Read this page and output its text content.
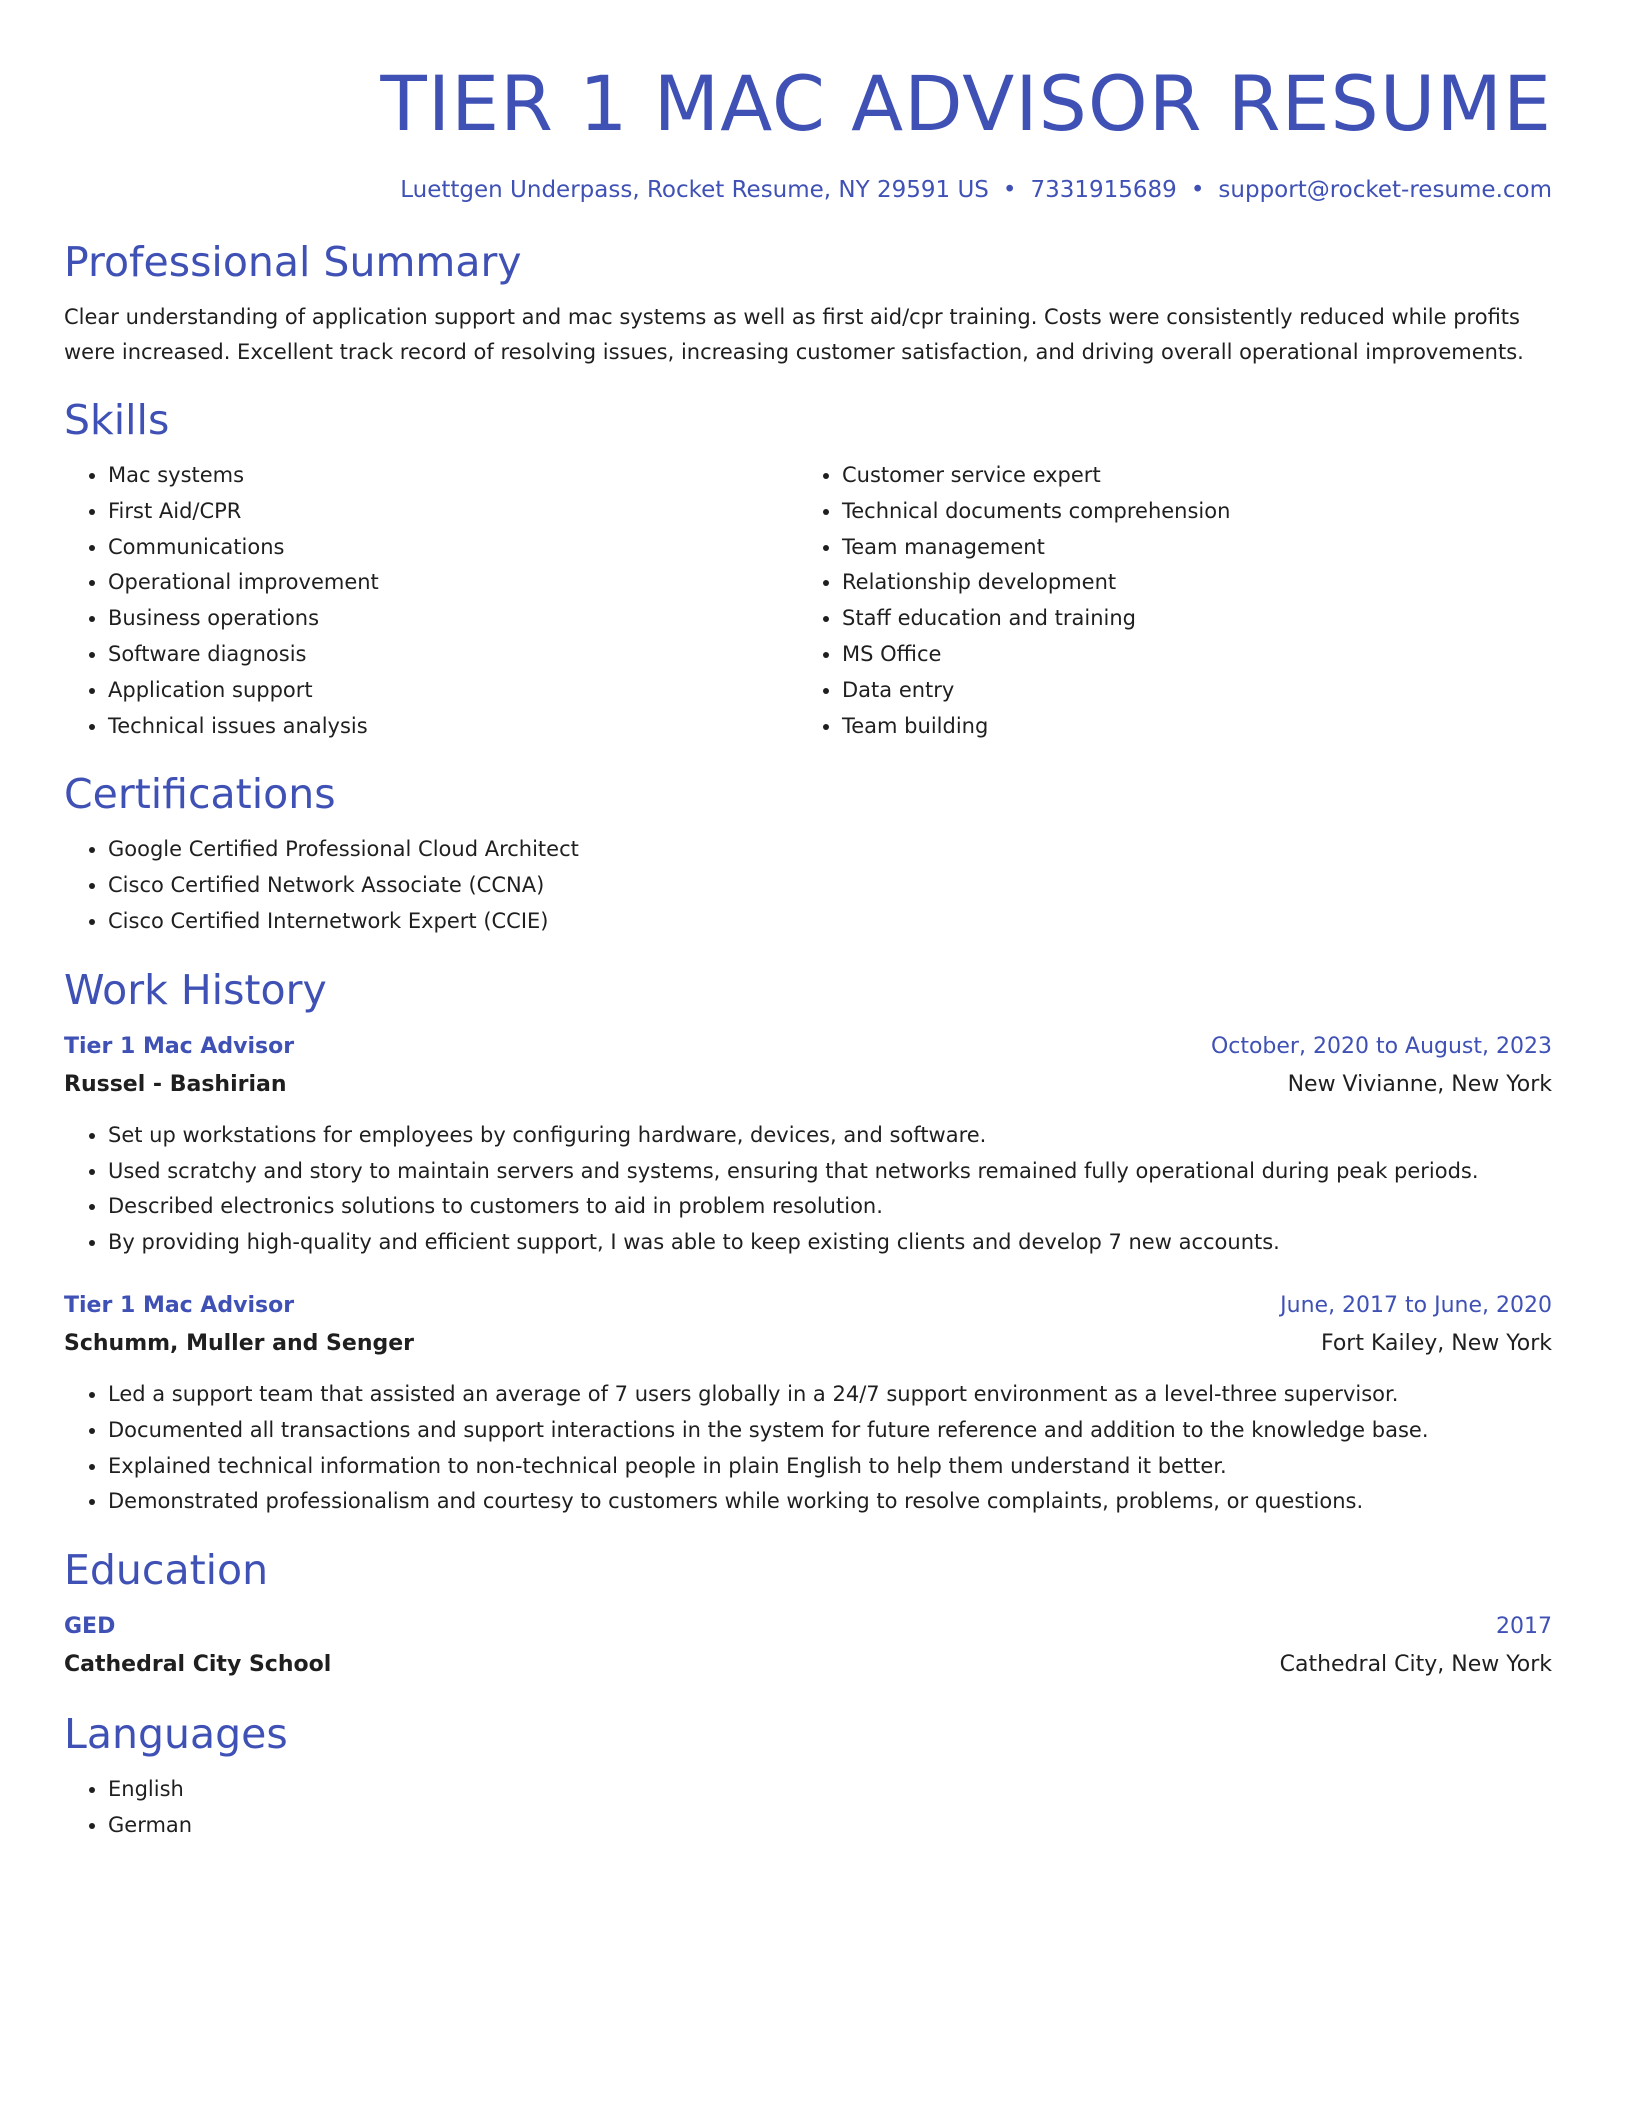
TIER 1 MAC ADVISOR RESUME
Luettgen Underpass, Rocket Resume, NY 29591 US • 7331915689 • support@rocket-resume.com
Professional Summary

Clear understanding of application support and mac systems as well as first aid/cpr training. Costs were consistently reduced while profits were increased. Excellent track record of resolving issues, increasing customer satisfaction, and driving overall operational improvements.

Skills
• Mac systems
• First Aid/CPR
• Communications
• Operational improvement
• Business operations
• Software diagnosis
• Application support
• Technical issues analysis
• Customer service expert
• Technical documents comprehension
• Team management
• Relationship development
• Staff education and training
• MS Office
• Data entry
• Team building
Certifications
• Google Certified Professional Cloud Architect
• Cisco Certified Network Associate (CCNA)
• Cisco Certified Internetwork Expert (CCIE)
Work History
Tier 1 Mac Advisor	October, 2020 to August, 2023
Russel - Bashirian	New Vivianne, New York
• Set up workstations for employees by configuring hardware, devices, and software.
• Used scratchy and story to maintain servers and systems, ensuring that networks remained fully operational during peak periods.
• Described electronics solutions to customers to aid in problem resolution.
• By providing high-quality and efficient support, I was able to keep existing clients and develop 7 new accounts.
Tier 1 Mac Advisor	June, 2017 to June, 2020
Schumm, Muller and Senger	Fort Kailey, New York
• Led a support team that assisted an average of 7 users globally in a 24/7 support environment as a level-three supervisor.
• Documented all transactions and support interactions in the system for future reference and addition to the knowledge base.
• Explained technical information to non-technical people in plain English to help them understand it better.
• Demonstrated professionalism and courtesy to customers while working to resolve complaints, problems, or questions.
Education
GED	2017
Cathedral City School	Cathedral City, New York
Languages
• English
• German
